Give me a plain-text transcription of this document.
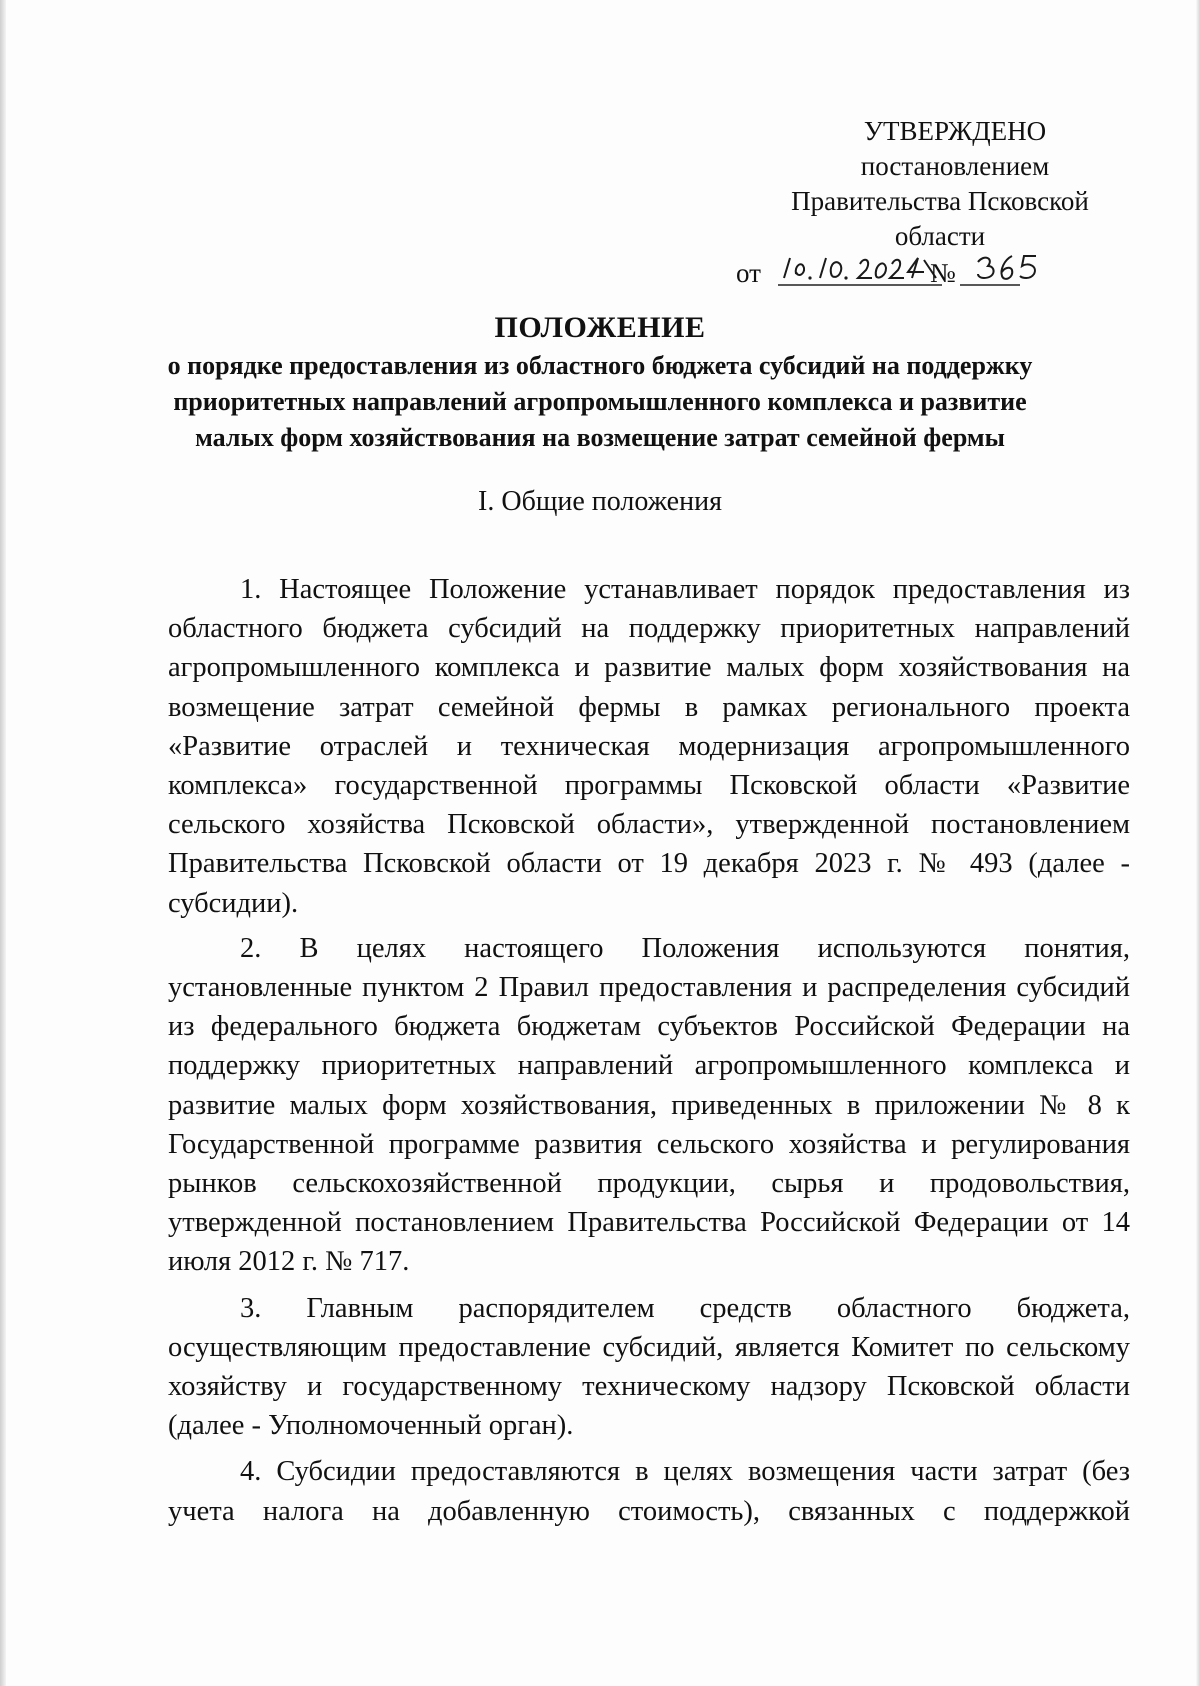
УТВЕРЖДЕНО
постановлением
Правительства Псковской области
от	№
ПОЛОЖЕНИЕ
о порядке предоставления из областного бюджета субсидий на поддержку приоритетных направлений агропромышленного комплекса и развитие малых форм хозяйствования на возмещение затрат семейной фермы
I. Общие положения

1. Настоящее Положение устанавливает порядок предоставления из областного бюджета субсидий на поддержку приоритетных направлений агропромышленного комплекса и развитие малых форм хозяйствования на возмещение затрат семейной фермы в рамках регионального проекта «Развитие отраслей и техническая модернизация агропромышленного комплекса» государственной программы Псковской области «Развитие сельского хозяйства Псковской области», утвержденной постановлением Правительства Псковской области от 19 декабря 2023 г. № 493 (далее - субсидии).

2. В целях настоящего Положения используются понятия, установленные пунктом 2 Правил предоставления и распределения субсидий из федерального бюджета бюджетам субъектов Российской Федерации на поддержку приоритетных направлений агропромышленного комплекса и развитие малых форм хозяйствования, приведенных в приложении № 8 к Государственной программе развития сельского хозяйства и регулирования рынков сельскохозяйственной продукции, сырья и продовольствия, утвержденной постановлением Правительства Российской Федерации от 14 июля 2012 г. № 717.

3. Главным распорядителем средств областного бюджета, осуществляющим предоставление субсидий, является Комитет по сельскому хозяйству и государственному техническому надзору Псковской области (далее - Уполномоченный орган).

4. Субсидии предоставляются в целях возмещения части затрат (без учета налога на добавленную стоимость), связанных с поддержкой
